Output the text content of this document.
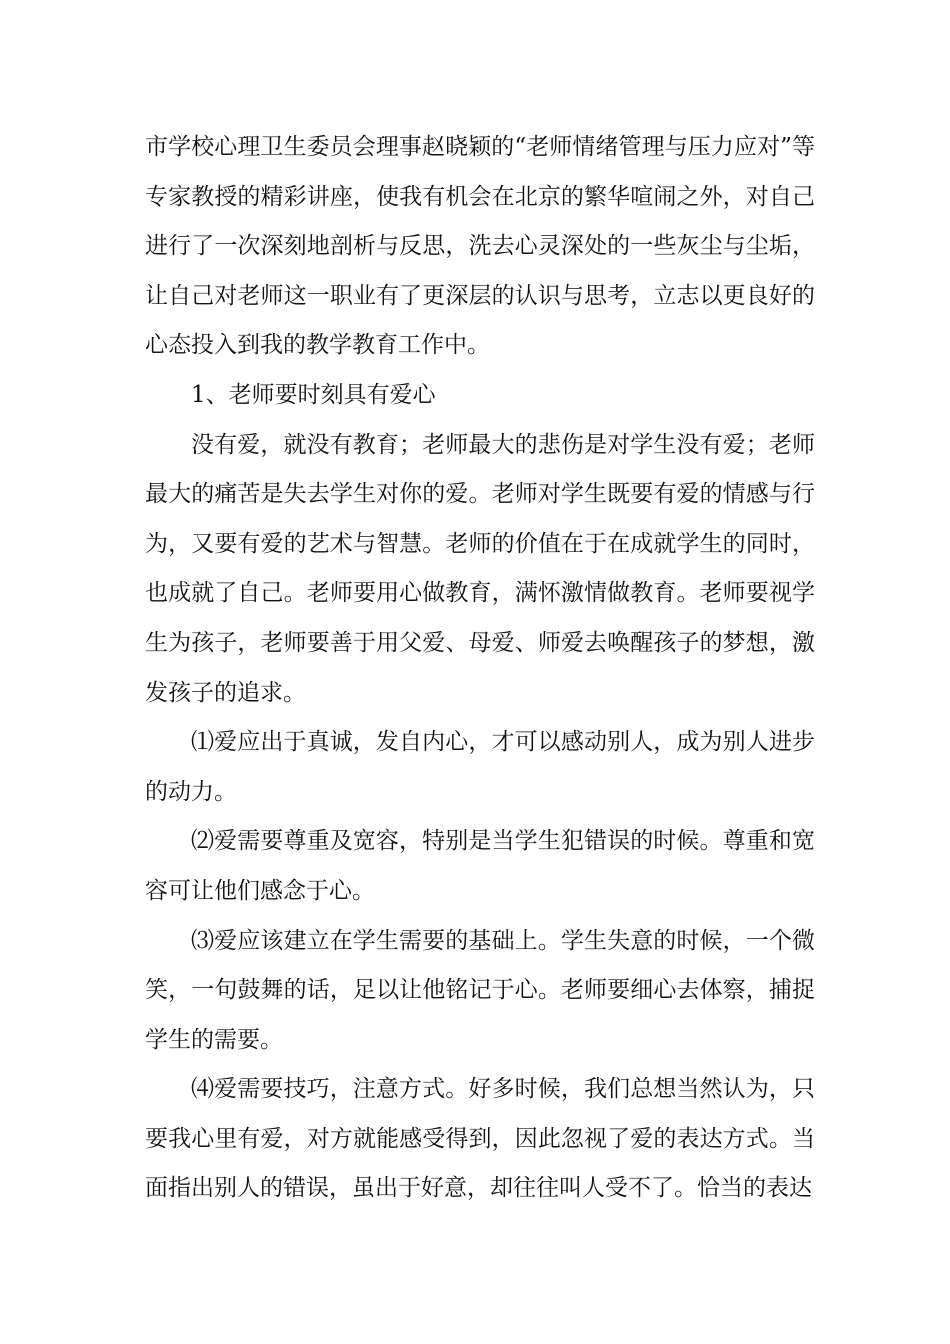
市学校心理卫生委员会理事赵晓颖的“老师情绪管理与压力应对”等专家教授的精彩讲座，使我有机会在北京的繁华喧闹之外，对自己进行了一次深刻地剖析与反思，洗去心灵深处的一些灰尘与尘垢，让自己对老师这一职业有了更深层的认识与思考，立志以更良好的心态投入到我的教学教育工作中。

1、老师要时刻具有爱心

没有爱，就没有教育；老师最大的悲伤是对学生没有爱；老师最大的痛苦是失去学生对你的爱。老师对学生既要有爱的情感与行为，又要有爱的艺术与智慧。老师的价值在于在成就学生的同时，也成就了自己。老师要用心做教育，满怀激情做教育。老师要视学生为孩子，老师要善于用父爱、母爱、师爱去唤醒孩子的梦想，激发孩子的追求。

⑴爱应出于真诚，发自内心，才可以感动别人，成为别人进步的动力。

⑵爱需要尊重及宽容，特别是当学生犯错误的时候。尊重和宽容可让他们感念于心。

⑶爱应该建立在学生需要的基础上。学生失意的时候，一个微笑，一句鼓舞的话，足以让他铭记于心。老师要细心去体察，捕捉学生的需要。

⑷爱需要技巧，注意方式。好多时候，我们总想当然认为，只要我心里有爱，对方就能感受得到，因此忽视了爱的表达方式。当面指出别人的错误，虽出于好意，却往往叫人受不了。恰当的表达
